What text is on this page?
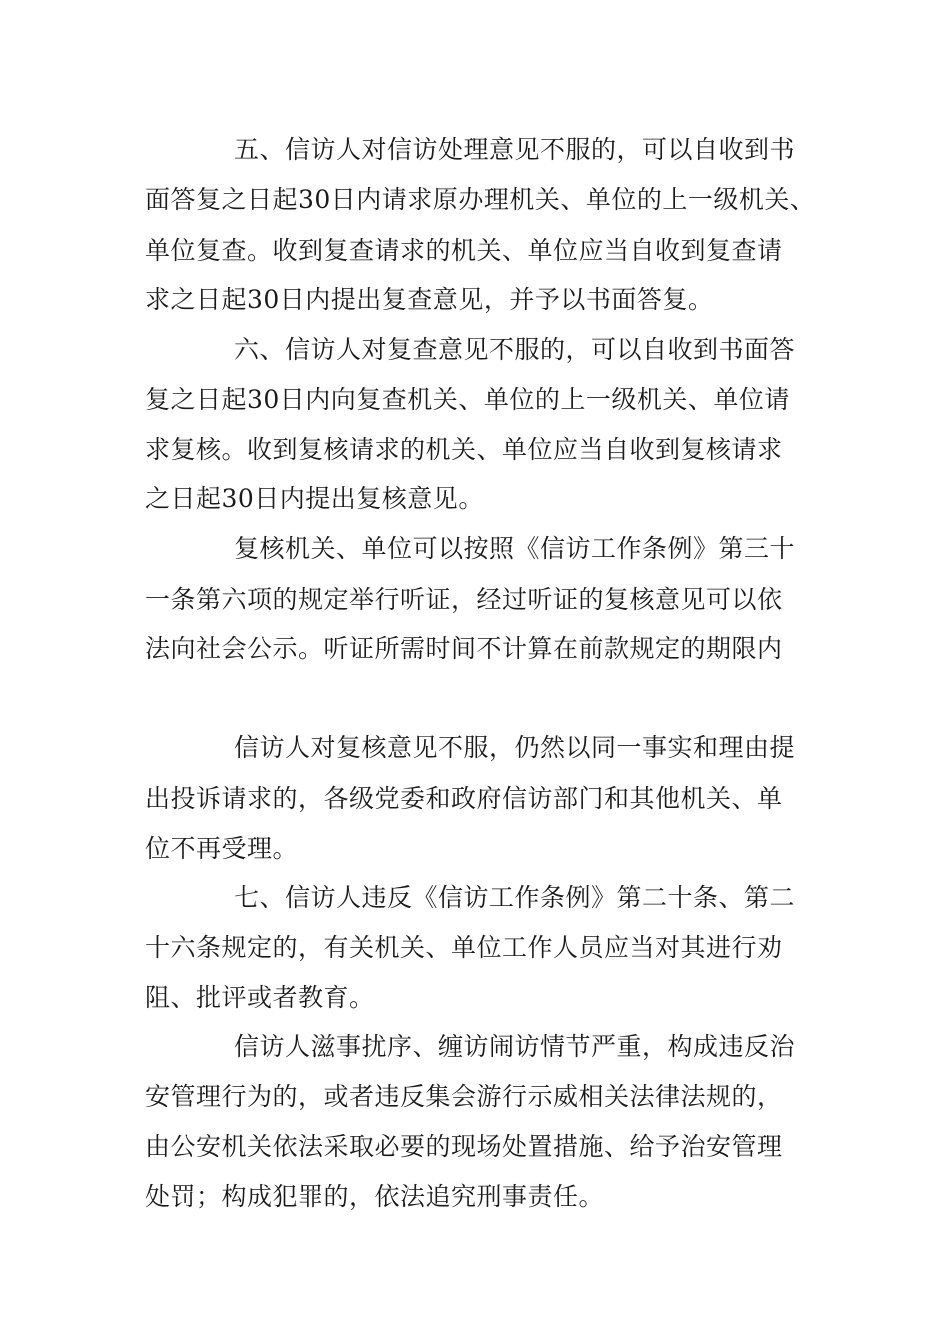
五、信访人对信访处理意见不服的，可以自收到书
面答复之日起30日内请求原办理机关、单位的上一级机关、
单位复查。收到复查请求的机关、单位应当自收到复查请
求之日起30日内提出复查意见，并予以书面答复。
六、信访人对复查意见不服的，可以自收到书面答
复之日起30日内向复查机关、单位的上一级机关、单位请
求复核。收到复核请求的机关、单位应当自收到复核请求
之日起30日内提出复核意见。
复核机关、单位可以按照《信访工作条例》第三十
一条第六项的规定举行听证，经过听证的复核意见可以依
法向社会公示。听证所需时间不计算在前款规定的期限内
信访人对复核意见不服，仍然以同一事实和理由提
出投诉请求的，各级党委和政府信访部门和其他机关、单
位不再受理。
七、信访人违反《信访工作条例》第二十条、第二
十六条规定的，有关机关、单位工作人员应当对其进行劝
阻、批评或者教育。
信访人滋事扰序、缠访闹访情节严重，构成违反治
安管理行为的，或者违反集会游行示威相关法律法规的，
由公安机关依法采取必要的现场处置措施、给予治安管理
处罚；构成犯罪的，依法追究刑事责任。
